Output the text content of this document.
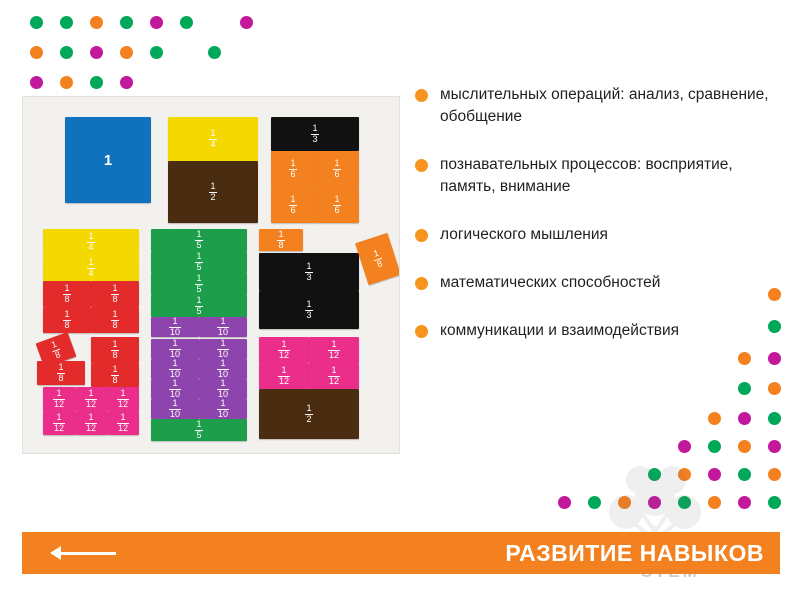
1
$\frac{1}{4}$
$\frac{1}{2}$
$\frac{1}{3}$
$\frac{1}{6}$	$\frac{1}{6}$
$\frac{1}{6}$	$\frac{1}{6}$
$\frac{1}{4}$
$\frac{1}{4}$
$\frac{1}{8}$	$\frac{1}{8}$
$\frac{1}{8}$	$\frac{1}{8}$
$\frac{1}{5}$
$\frac{1}{5}$
$\frac{1}{5}$
$\frac{1}{5}$
$\frac{1}{10}$	$\frac{1}{10}$
$\frac{1}{8}$
$\frac{1}{3}$
$\frac{1}{3}$
$\frac{1}{8}$
$\frac{1}{8}$
$\frac{1}{8}$
$\frac{1}{8}$
$\frac{1}{8}$
$\frac{1}{12} \frac{1}{12} \frac{1}{12}$
$\frac{1}{12} \frac{1}{12} \frac{1}{12}$
$\frac{1}{10}$	$\frac{1}{10}$
$\frac{1}{10}$	$\frac{1}{10}$
$\frac{1}{10}$	$\frac{1}{10}$
$\frac{1}{10}$	$\frac{1}{10}$
$\frac{1}{5}$
$\frac{1}{12}$	$\frac{1}{12}$
$\frac{1}{12}$	$\frac{1}{12}$
$\frac{1}{2}$
мыслительных операций: анализ, сравнение, обобщение
познавательных процессов: восприятие, память, внимание
логического мышления
математических способностей
коммуникации и взаимодействия
РАЗВИТИЕ НАВЫКОВ
